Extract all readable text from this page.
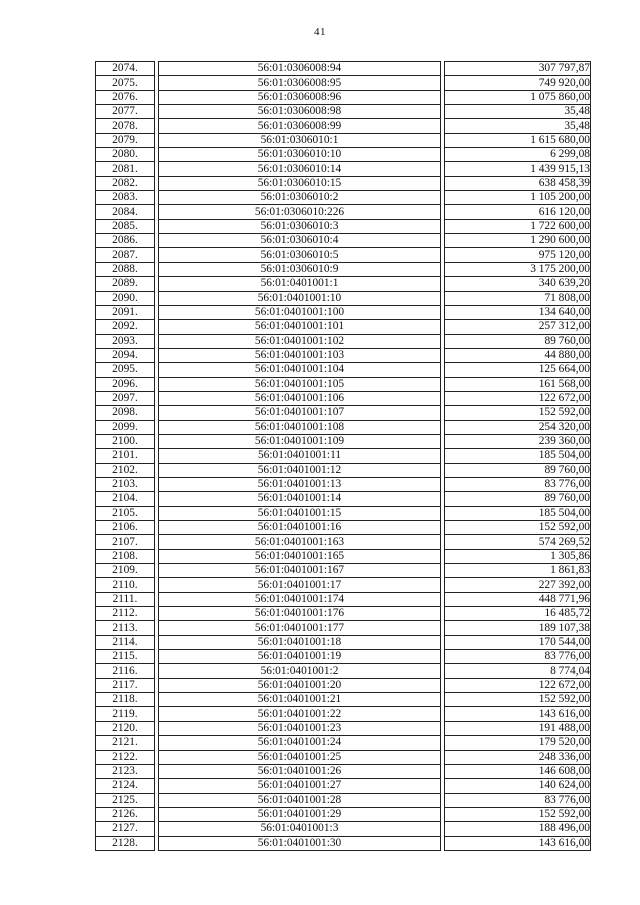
41
2074.		56:01:0306008:94		307 797,87
2075.		56:01:0306008:95		749 920,00
2076.		56:01:0306008:96		1 075 860,00
2077.		56:01:0306008:98		35,48
2078.		56:01:0306008:99		35,48
2079.		56:01:0306010:1		1 615 680,00
2080.		56:01:0306010:10		6 299,08
2081.		56:01:0306010:14		1 439 915,13
2082.		56:01:0306010:15		638 458,39
2083.		56:01:0306010:2		1 105 200,00
2084.		56:01:0306010:226		616 120,00
2085.		56:01:0306010:3		1 722 600,00
2086.		56:01:0306010:4		1 290 600,00
2087.		56:01:0306010:5		975 120,00
2088.		56:01:0306010:9		3 175 200,00
2089.		56:01:0401001:1		340 639,20
2090.		56:01:0401001:10		71 808,00
2091.		56:01:0401001:100		134 640,00
2092.		56:01:0401001:101		257 312,00
2093.		56:01:0401001:102		89 760,00
2094.		56:01:0401001:103		44 880,00
2095.		56:01:0401001:104		125 664,00
2096.		56:01:0401001:105		161 568,00
2097.		56:01:0401001:106		122 672,00
2098.		56:01:0401001:107		152 592,00
2099.		56:01:0401001:108		254 320,00
2100.		56:01:0401001:109		239 360,00
2101.		56:01:0401001:11		185 504,00
2102.		56:01:0401001:12		89 760,00
2103.		56:01:0401001:13		83 776,00
2104.		56:01:0401001:14		89 760,00
2105.		56:01:0401001:15		185 504,00
2106.		56:01:0401001:16		152 592,00
2107.		56:01:0401001:163		574 269,52
2108.		56:01:0401001:165		1 305,86
2109.		56:01:0401001:167		1 861,83
2110.		56:01:0401001:17		227 392,00
2111.		56:01:0401001:174		448 771,96
2112.		56:01:0401001:176		16 485,72
2113.		56:01:0401001:177		189 107,38
2114.		56:01:0401001:18		170 544,00
2115.		56:01:0401001:19		83 776,00
2116.		56:01:0401001:2		8 774,04
2117.		56:01:0401001:20		122 672,00
2118.		56:01:0401001:21		152 592,00
2119.		56:01:0401001:22		143 616,00
2120.		56:01:0401001:23		191 488,00
2121.		56:01:0401001:24		179 520,00
2122.		56:01:0401001:25		248 336,00
2123.		56:01:0401001:26		146 608,00
2124.		56:01:0401001:27		140 624,00
2125.		56:01:0401001:28		83 776,00
2126.		56:01:0401001:29		152 592,00
2127.		56:01:0401001:3		188 496,00
2128.		56:01:0401001:30		143 616,00
